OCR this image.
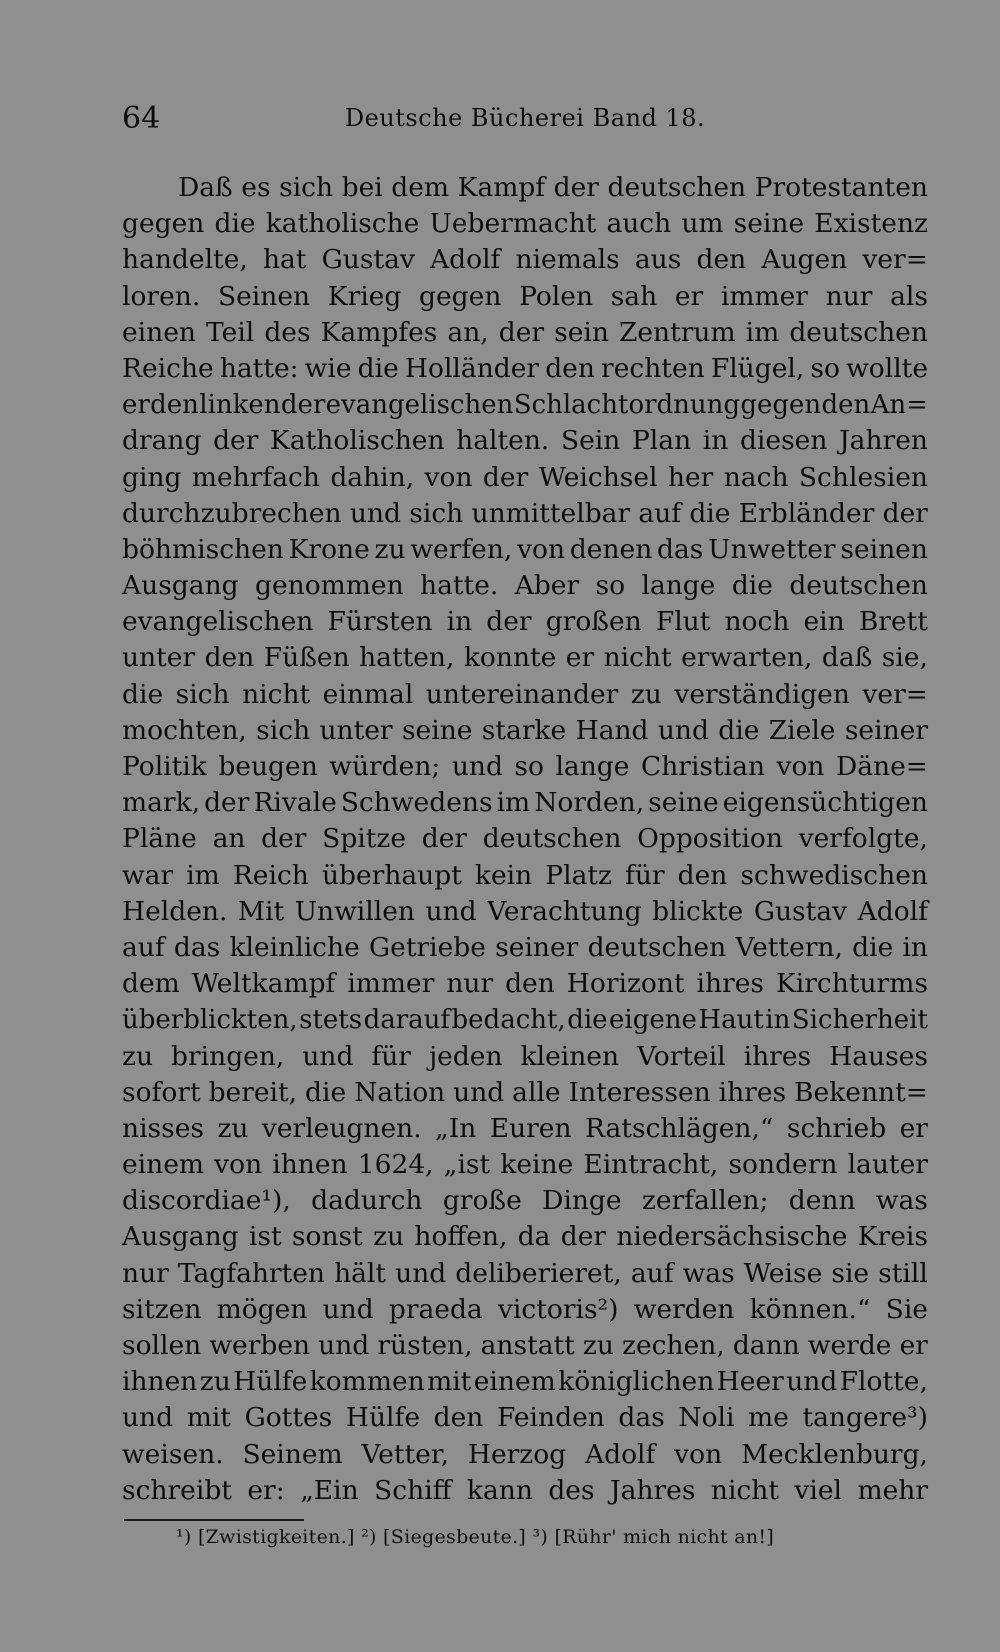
64	Deutsche Bücherei Band 18.
Daß es sich bei dem Kampf der deutschen Protestanten
gegen die katholische Uebermacht auch um seine Existenz
handelte, hat Gustav Adolf niemals aus den Augen ver=
loren. Seinen Krieg gegen Polen sah er immer nur als
einen Teil des Kampfes an, der sein Zentrum im deutschen
Reiche hatte: wie die Holländer den rechten Flügel, so wollte
er den linken der evangelischen Schlachtordnung gegen den An=
drang der Katholischen halten. Sein Plan in diesen Jahren
ging mehrfach dahin, von der Weichsel her nach Schlesien
durchzubrechen und sich unmittelbar auf die Erbländer der
böhmischen Krone zu werfen, von denen das Unwetter seinen
Ausgang genommen hatte. Aber so lange die deutschen
evangelischen Fürsten in der großen Flut noch ein Brett
unter den Füßen hatten, konnte er nicht erwarten, daß sie,
die sich nicht einmal untereinander zu verständigen ver=
mochten, sich unter seine starke Hand und die Ziele seiner
Politik beugen würden; und so lange Christian von Däne=
mark, der Rivale Schwedens im Norden, seine eigensüchtigen
Pläne an der Spitze der deutschen Opposition verfolgte,
war im Reich überhaupt kein Platz für den schwedischen
Helden. Mit Unwillen und Verachtung blickte Gustav Adolf
auf das kleinliche Getriebe seiner deutschen Vettern, die in
dem Weltkampf immer nur den Horizont ihres Kirchturms
überblickten, stets darauf bedacht, die eigene Haut in Sicherheit
zu bringen, und für jeden kleinen Vorteil ihres Hauses
sofort bereit, die Nation und alle Interessen ihres Bekennt=
nisses zu verleugnen. „In Euren Ratschlägen,“ schrieb er
einem von ihnen 1624, „ist keine Eintracht, sondern lauter
discordiae¹), dadurch große Dinge zerfallen; denn was
Ausgang ist sonst zu hoffen, da der niedersächsische Kreis
nur Tagfahrten hält und deliberieret, auf was Weise sie still
sitzen mögen und praeda victoris²) werden können.“ Sie
sollen werben und rüsten, anstatt zu zechen, dann werde er
ihnen zu Hülfe kommen mit einem königlichen Heer und Flotte,
und mit Gottes Hülfe den Feinden das Noli me tangere³)
weisen. Seinem Vetter, Herzog Adolf von Mecklenburg,
schreibt er: „Ein Schiff kann des Jahres nicht viel mehr
¹) [Zwistigkeiten.] ²) [Siegesbeute.] ³) [Rühr' mich nicht an!]
